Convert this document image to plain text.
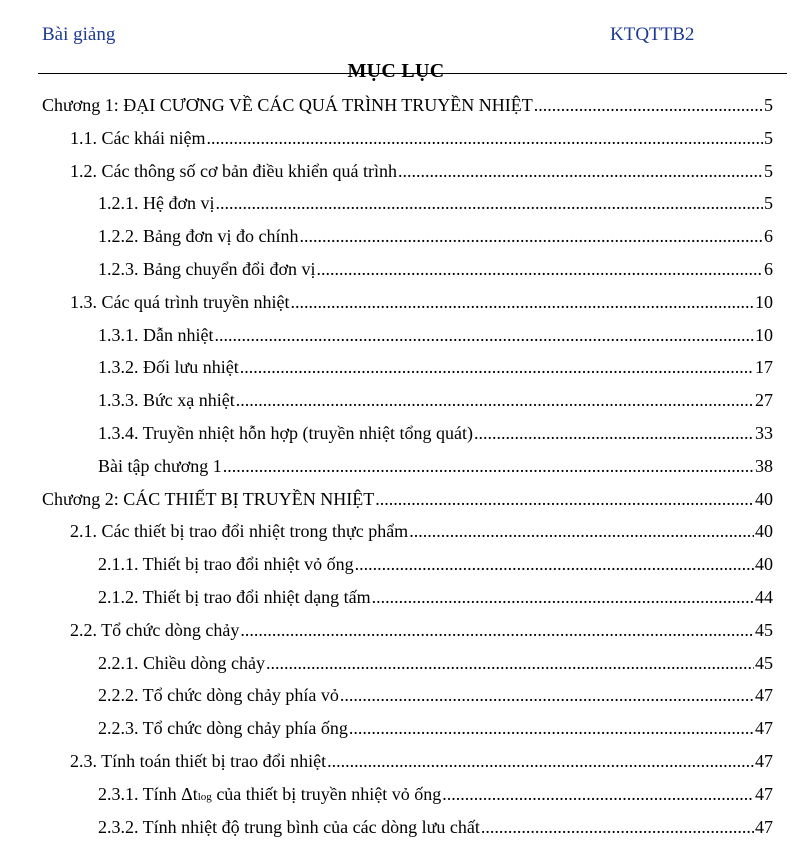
Bài giảng	KTQTTB2
MỤC LỤC
Chương 1: ĐẠI CƯƠNG VỀ CÁC QUÁ TRÌNH TRUYỀN NHIỆT .....	5
1.1. Các khái niệm .....	5
1.2. Các thông số cơ bản điều khiển quá trình .....	5
1.2.1. Hệ đơn vị .....	5
1.2.2. Bảng đơn vị đo chính .....	6
1.2.3. Bảng chuyển đổi đơn vị .....	6
1.3. Các quá trình truyền nhiệt .....	10
1.3.1. Dẫn nhiệt .....	10
1.3.2. Đối lưu nhiệt .....	17
1.3.3. Bức xạ nhiệt .....	27
1.3.4. Truyền nhiệt hỗn hợp (truyền nhiệt tổng quát) .....	33
Bài tập chương 1 .....	38
Chương 2: CÁC THIẾT BỊ TRUYỀN NHIỆT .....	40
2.1. Các thiết bị trao đổi nhiệt trong thực phẩm .....	40
2.1.1. Thiết bị trao đổi nhiệt vỏ ống .....	40
2.1.2. Thiết bị trao đổi nhiệt dạng tấm .....	44
2.2. Tổ chức dòng chảy .....	45
2.2.1. Chiều dòng chảy .....	45
2.2.2. Tổ chức dòng chảy phía vỏ .....	47
2.2.3. Tổ chức dòng chảy phía ống .....	47
2.3. Tính toán thiết bị trao đổi nhiệt .....	47
2.3.1. Tính Δtlog của thiết bị truyền nhiệt vỏ ống .....	47
2.3.2. Tính nhiệt độ trung bình của các dòng lưu chất .....	47
